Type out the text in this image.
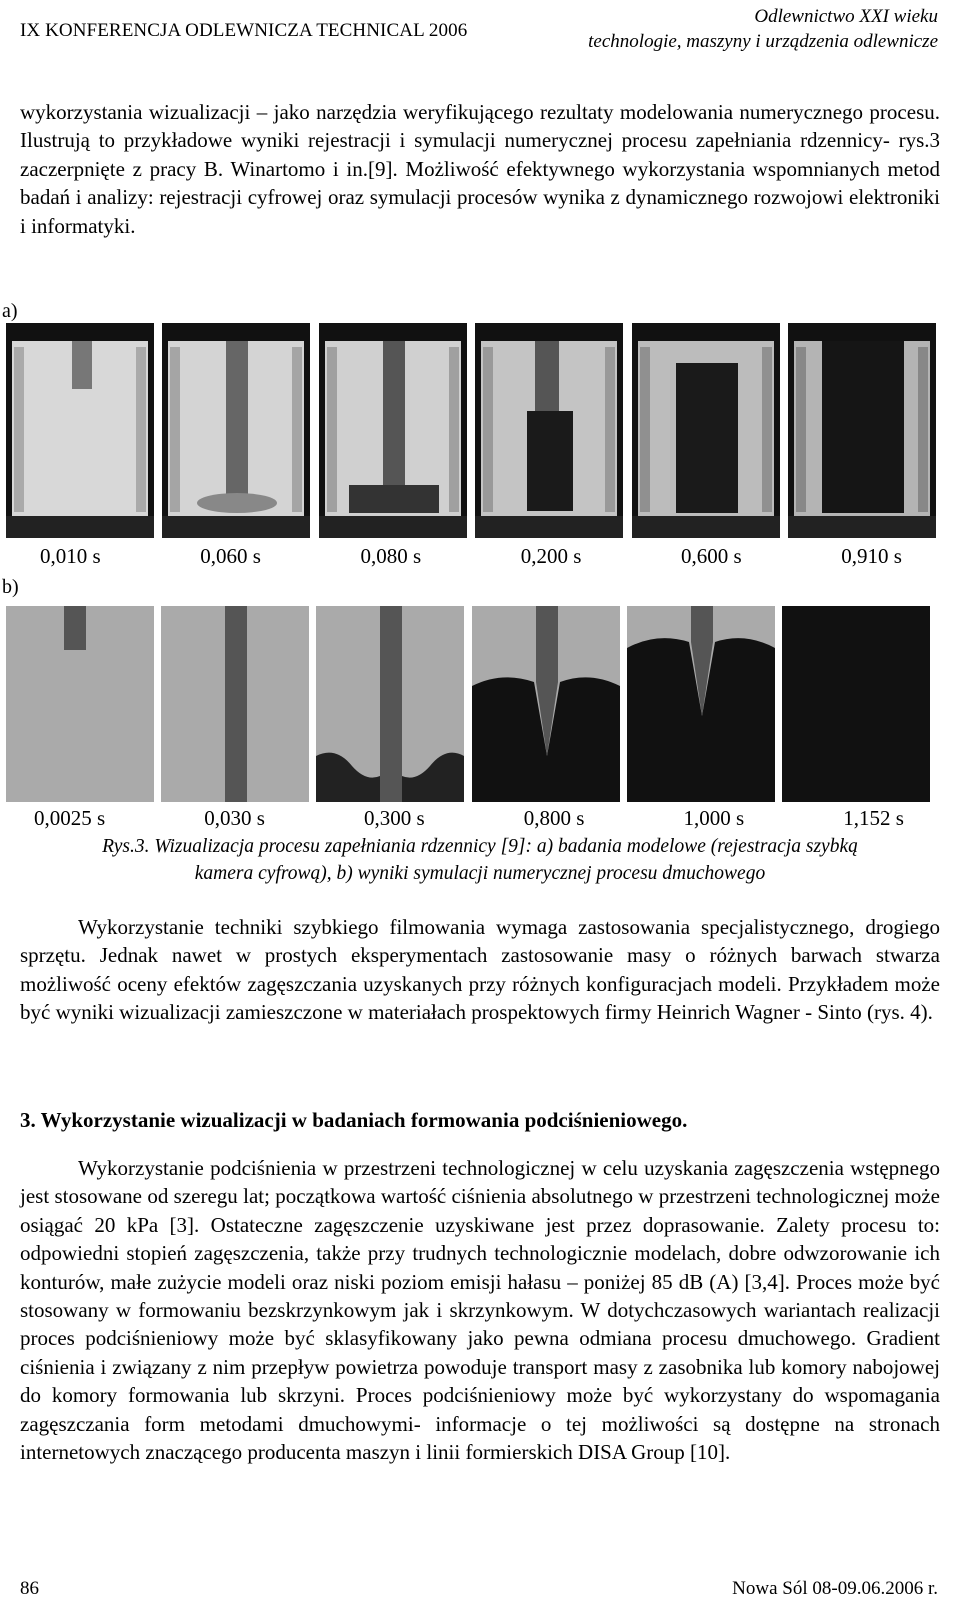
IX KONFERENCJA ODLEWNICZA TECHNICAL 2006
Odlewnictwo XXI wieku
technologie, maszyny i urządzenia odlewnicze

wykorzystania wizualizacji – jako narzędzia weryfikującego rezultaty modelowania numerycznego procesu. Ilustrują to przykładowe wyniki rejestracji i symulacji numerycznej procesu zapełniania rdzennicy- rys.3 zaczerpnięte z pracy B. Winartomo i in.[9]. Możliwość efektywnego wykorzystania wspomnianych metod badań i analizy: rejestracji cyfrowej oraz symulacji procesów wynika z dynamicznego rozwojowi elektroniki i informatyki.

a)
0,010 s	0,060 s	0,080 s	0,200 s	0,600 s	0,910 s
b)
0,0025 s	0,030 s	0,300 s	0,800 s	1,000 s	1,152 s
Rys.3. Wizualizacja procesu zapełniania rdzennicy [9]: a) badania modelowe (rejestracja szybką
kamera cyfrową), b) wyniki symulacji numerycznej procesu dmuchowego

Wykorzystanie techniki szybkiego filmowania wymaga zastosowania specjalistycznego, drogiego sprzętu. Jednak nawet w prostych eksperymentach zastosowanie masy o różnych barwach stwarza możliwość oceny efektów zagęszczania uzyskanych przy różnych konfiguracjach modeli. Przykładem może być wyniki wizualizacji zamieszczone w materiałach prospektowych firmy Heinrich Wagner - Sinto (rys. 4).

3. Wykorzystanie wizualizacji w badaniach formowania podciśnieniowego.

Wykorzystanie podciśnienia w przestrzeni technologicznej w celu uzyskania zagęszczenia wstępnego jest stosowane od szeregu lat; początkowa wartość ciśnienia absolutnego w przestrzeni technologicznej może osiągać 20 kPa [3]. Ostateczne zagęszczenie uzyskiwane jest przez doprasowanie. Zalety procesu to: odpowiedni stopień zagęszczenia, także przy trudnych technologicznie modelach, dobre odwzorowanie ich konturów, małe zużycie modeli oraz niski poziom emisji hałasu – poniżej 85 dB (A) [3,4]. Proces może być stosowany w formowaniu bezskrzynkowym jak i skrzynkowym. W dotychczasowych wariantach realizacji proces podciśnieniowy może być sklasyfikowany jako pewna odmiana procesu dmuchowego. Gradient ciśnienia i związany z nim przepływ powietrza powoduje transport masy z zasobnika lub komory nabojowej do komory formowania lub skrzyni. Proces podciśnieniowy może być wykorzystany do wspomagania zagęszczania form metodami dmuchowymi- informacje o tej możliwości są dostępne na stronach internetowych znaczącego producenta maszyn i linii formierskich DISA Group [10].

86	Nowa Sól 08-09.06.2006 r.
